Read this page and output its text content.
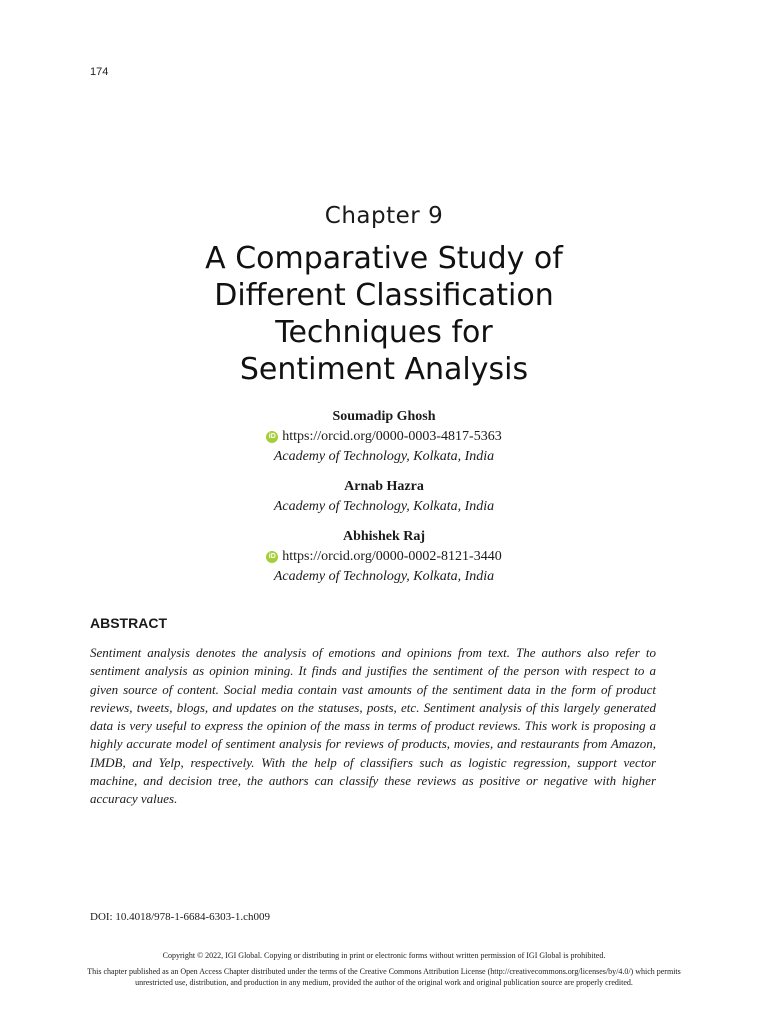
174
Chapter 9
A Comparative Study of
Different Classification
Techniques for
Sentiment Analysis
Soumadip Ghosh
iD https://orcid.org/0000-0003-4817-5363
Academy of Technology, Kolkata, India
Arnab Hazra
Academy of Technology, Kolkata, India
Abhishek Raj
iD https://orcid.org/0000-0002-8121-3440
Academy of Technology, Kolkata, India
ABSTRACT

Sentiment analysis denotes the analysis of emotions and opinions from text. The authors also refer to sentiment analysis as opinion mining. It finds and justifies the sentiment of the person with respect to a given source of content. Social media contain vast amounts of the sentiment data in the form of product reviews, tweets, blogs, and updates on the statuses, posts, etc. Sentiment analysis of this largely generated data is very useful to express the opinion of the mass in terms of product reviews. This work is proposing a highly accurate model of sentiment analysis for reviews of products, movies, and restaurants from Amazon, IMDB, and Yelp, respectively. With the help of classifiers such as logistic regression, support vector machine, and decision tree, the authors can classify these reviews as positive or negative with higher accuracy values.

DOI: 10.4018/978-1-6684-6303-1.ch009
Copyright © 2022, IGI Global. Copying or distributing in print or electronic forms without written permission of IGI Global is prohibited.
This chapter published as an Open Access Chapter distributed under the terms of the Creative Commons Attribution License (http://creativecommons.org/licenses/by/4.0/) which permits unrestricted use, distribution, and production in any medium, provided the author of the original work and original publication source are properly credited.
